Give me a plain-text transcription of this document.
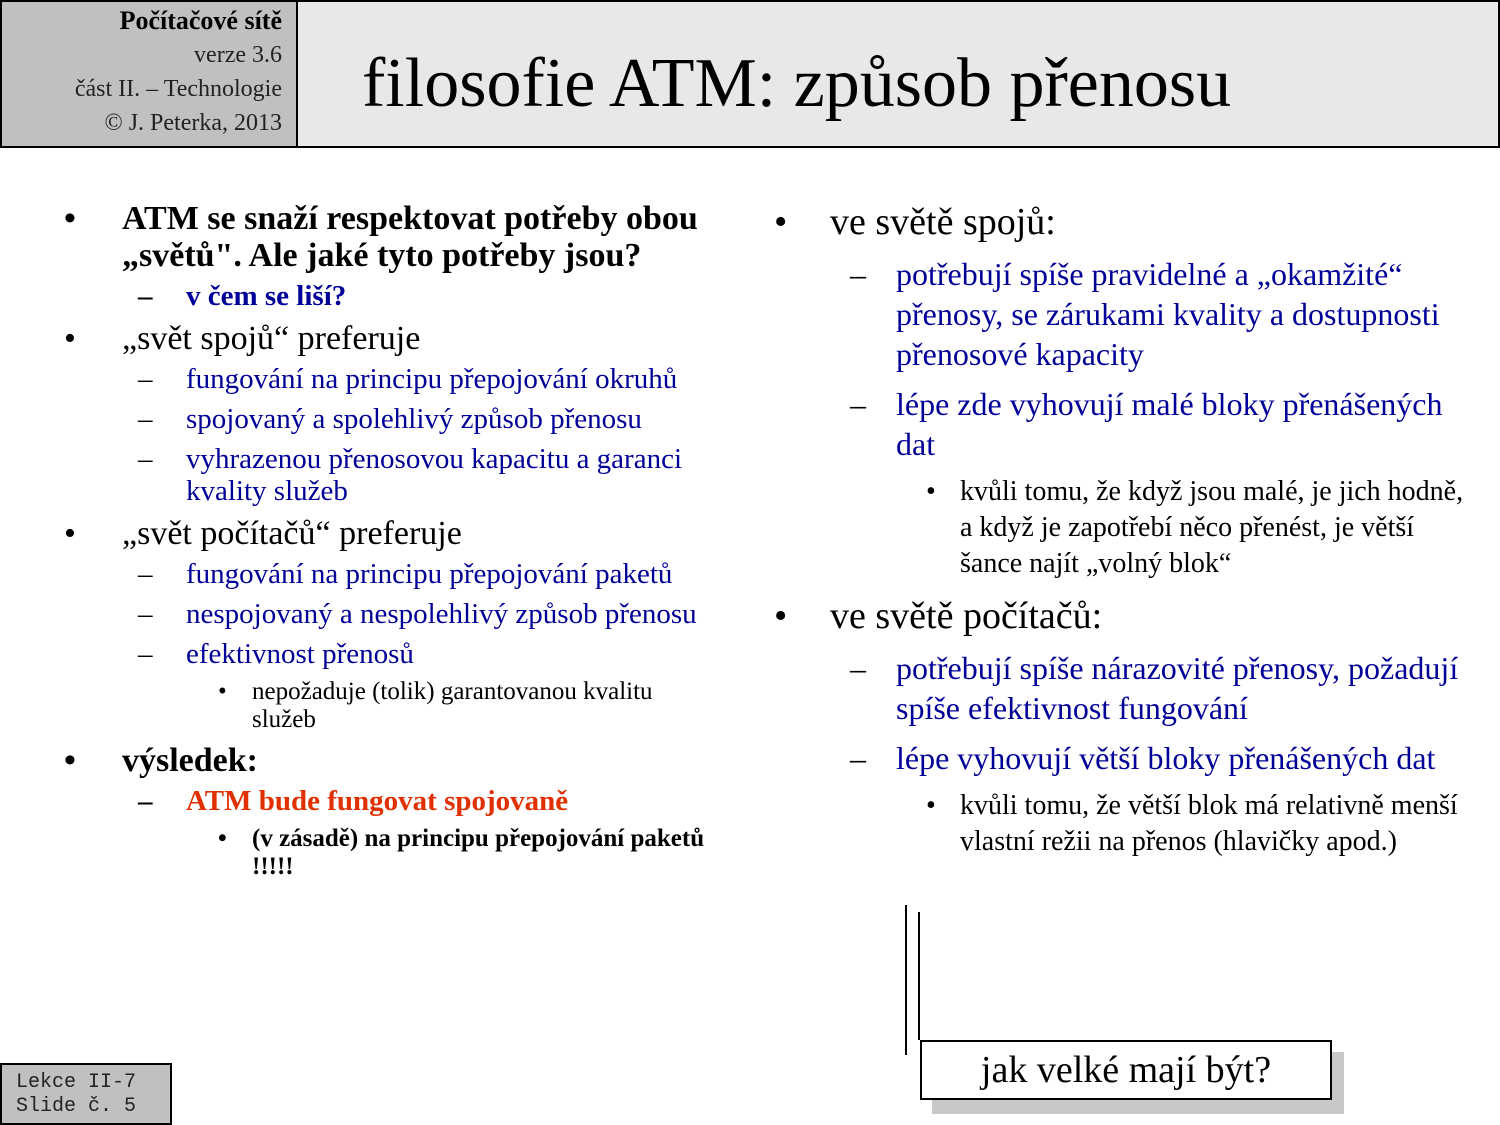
Počítačové sítě
verze 3.6
část II. – Technologie
© J. Peterka, 2013
filosofie ATM: způsob přenosu
• ATM se snaží respektovat potřeby obou „světů". Ale jaké tyto potřeby jsou?
– v čem se liší?
• „svět spojů“ preferuje
– fungování na principu přepojování okruhů
– spojovaný a spolehlivý způsob přenosu
– vyhrazenou přenosovou kapacitu a garanci kvality služeb
• „svět počítačů“ preferuje
– fungování na principu přepojování paketů
– nespojovaný a nespolehlivý způsob přenosu
– efektivnost přenosů
• nepožaduje (tolik) garantovanou kvalitu služeb
• výsledek:
– ATM bude fungovat spojovaně
• (v zásadě) na principu přepojování paketů !!!!!
• ve světě spojů:
– potřebují spíše pravidelné a „okamžité“ přenosy, se zárukami kvality a dostupnosti přenosové kapacity
– lépe zde vyhovují malé bloky přenášených dat
• kvůli tomu, že když jsou malé, je jich hodně, a když je zapotřebí něco přenést, je větší šance najít „volný blok“
• ve světě počítačů:
– potřebují spíše nárazovité přenosy, požadují spíše efektivnost fungování
– lépe vyhovují větší bloky přenášených dat
• kvůli tomu, že větší blok má relativně menší vlastní režii na přenos (hlavičky apod.)
jak velké mají být?
Lekce II-7
Slide č. 5
